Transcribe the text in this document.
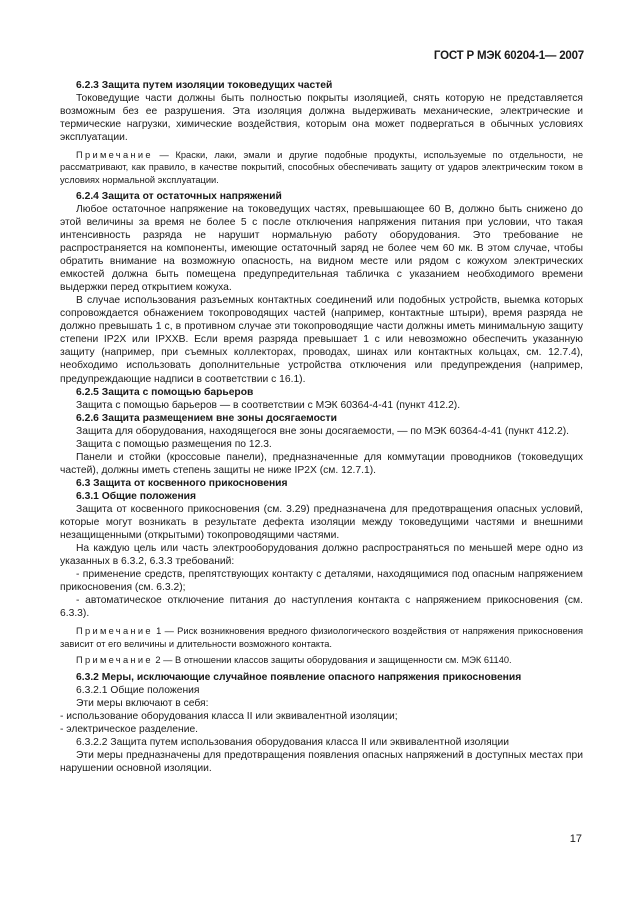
ГОСТ Р МЭК 60204-1— 2007

6.2.3 Защита путем изоляции токоведущих частей

Токоведущие части должны быть полностью покрыты изоляцией, снять которую не представляется возможным без ее разрушения. Эта изоляция должна выдерживать механические, электрические и термические нагрузки, химические воздействия, которым она может подвергаться в обычных условиях эксплуатации.

Примечание — Краски, лаки, эмали и другие подобные продукты, используемые по отдельности, не рассматривают, как правило, в качестве покрытий, способных обеспечивать защиту от ударов электрическим током в условиях нормальной эксплуатации.

6.2.4 Защита от остаточных напряжений

Любое остаточное напряжение на токоведущих частях, превышающее 60 В, должно быть снижено до этой величины за время не более 5 с после отключения напряжения питания при условии, что такая интенсивность разряда не нарушит нормальную работу оборудования. Это требование не распространяется на компоненты, имеющие остаточный заряд не более чем 60 мк. В этом случае, чтобы обратить внимание на возможную опасность, на видном месте или рядом с кожухом электрических емкостей должна быть помещена предупредительная табличка с указанием необходимого времени выдержки перед открытием кожуха.

В случае использования разъемных контактных соединений или подобных устройств, выемка которых сопровождается обнажением токопроводящих частей (например, контактные штыри), время разряда не должно превышать 1 с, в противном случае эти токопроводящие части должны иметь минимальную защиту степени IP2X или IPXXB. Если время разряда превышает 1 с или невозможно обеспечить указанную защиту (например, при съемных коллекторах, проводах, шинах или контактных кольцах, см. 12.7.4), необходимо использовать дополнительные устройства отключения или предупреждения (например, предупреждающие надписи в соответствии с 16.1).

6.2.5 Защита с помощью барьеров

Защита с помощью барьеров — в соответствии с МЭК 60364-4-41 (пункт 412.2).

6.2.6 Защита размещением вне зоны досягаемости

Защита для оборудования, находящегося вне зоны досягаемости, — по МЭК 60364-4-41 (пункт 412.2).

Защита с помощью размещения по 12.3.

Панели и стойки (кроссовые панели), предназначенные для коммутации проводников (токоведущих частей), должны иметь степень защиты не ниже IP2X (см. 12.7.1).

6.3 Защита от косвенного прикосновения

6.3.1 Общие положения

Защита от косвенного прикосновения (см. 3.29) предназначена для предотвращения опасных условий, которые могут возникать в результате дефекта изоляции между токоведущими частями и внешними незащищенными (открытыми) токопроводящими частями.

На каждую цель или часть электрооборудования должно распространяться по меньшей мере одно из указанных в 6.3.2, 6.3.3 требований:

- применение средств, препятствующих контакту с деталями, находящимися под опасным напряжением прикосновения (см. 6.3.2);

- автоматическое отключение питания до наступления контакта с напряжением прикосновения (см. 6.3.3).

Примечание 1 — Риск возникновения вредного физиологического воздействия от напряжения прикосновения зависит от его величины и длительности возможного контакта.

Примечание 2 — В отношении классов защиты оборудования и защищенности см. МЭК 61140.

6.3.2 Меры, исключающие случайное появление опасного напряжения прикосновения

6.3.2.1 Общие положения

Эти меры включают в себя:

- использование оборудования класса II или эквивалентной изоляции;

- электрическое разделение.

6.3.2.2 Защита путем использования оборудования класса II или эквивалентной изоляции

Эти меры предназначены для предотвращения появления опасных напряжений в доступных местах при нарушении основной изоляции.

17
